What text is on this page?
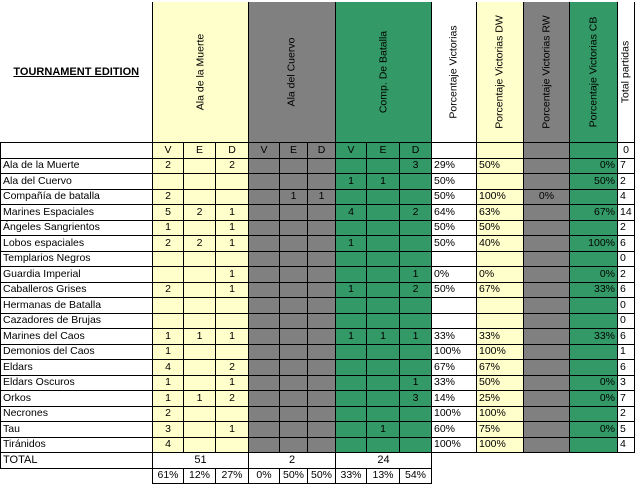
TOURNAMENT EDITION	Ala de la Muerte			Ala del Cuervo			Comp. De Batalla			Porcentaje Victorias	Porcentaje Victorias DW	Porcentaje Victorias RW	Porcentaje Victorias CB	Total partidas

	V	E	D	V	E	D	V	E	D					0
Ala de la Muerte	2		2						3	29%	50%		0%	7
Ala del Cuervo							1	1		50%			50%	2
Compañía de batalla	2				1	1				50%	100%	0%		4
Marines Espaciales	5	2	1				4		2	64%	63%		67%	14
Ángeles Sangrientos	1		1							50%	50%			2
Lobos espaciales	2	2	1				1			50%	40%		100%	6
Templarios Negros														0
Guardia Imperial			1						1	0%	0%		0%	2
Caballeros Grises	2		1				1		2	50%	67%		33%	6
Hermanas de Batalla														0
Cazadores de Brujas														0
Marines del Caos	1	1	1				1	1	1	33%	33%		33%	6
Demonios del Caos	1									100%	100%			1
Eldars	4		2							67%	67%			6
Eldars Oscuros	1		1						1	33%	50%		0%	3
Orkos	1	1	2						3	14%	25%		0%	7
Necrones	2									100%	100%			2
Tau	3		1					1		60%	75%		0%	5
Tiránidos	4									100%	100%			4
TOTAL	51			2			24							
	61%	12%	27%	0%	50%	50%	33%	13%	54%					
